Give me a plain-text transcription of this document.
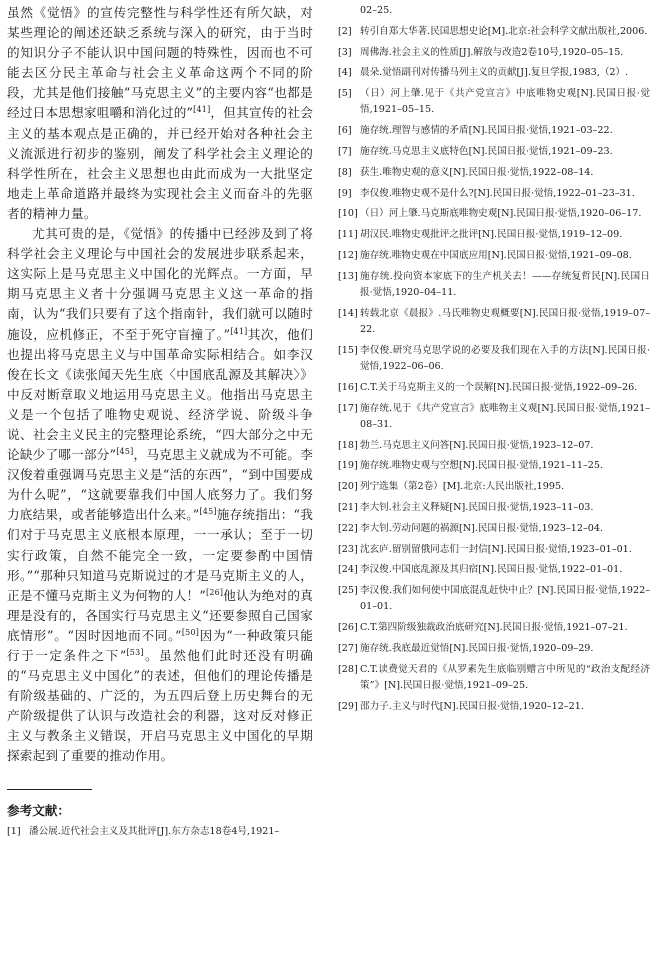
虽然《觉悟》的宣传完整性与科学性还有所欠缺，对某些理论的阐述还缺乏系统与深入的研究，由于当时的知识分子不能认识中国问题的特殊性，因而也不可能去区分民主革命与社会主义革命这两个不同的阶段，尤其是他们接触“马克思主义”的主要内容“也都是经过日本思想家咀嚼和消化过的”[41]，但其宣传的社会主义的基本观点是正确的，并已经开始对各种社会主义流派进行初步的鉴别，阐发了科学社会主义理论的科学性所在，社会主义思想也由此而成为一大批坚定地走上革命道路并最终为实现社会主义而奋斗的先驱者的精神力量。

尤其可贵的是，《觉悟》的传播中已经涉及到了将科学社会主义理论与中国社会的发展进步联系起来，这实际上是马克思主义中国化的光辉点。一方面，早期马克思主义者十分强调马克思主义这一革命的指南，认为“我们只要有了这个指南针，我们就可以随时施设，应机修正，不至于死守盲撞了。”[41]其次，他们也提出将马克思主义与中国革命实际相结合。如李汉俊在长文《读张闻天先生底〈中国底乱源及其解决〉》中反对断章取义地运用马克思主义。他指出马克思主义是一个包括了唯物史观说、经济学说、阶级斗争说、社会主义民主的完整理论系统，“四大部分之中无论缺少了哪一部分”[45]，马克思主义就成为不可能。李汉俊着重强调马克思主义是“活的东西”，“到中国要成为什么呢”，“这就要靠我们中国人底努力了。我们努力底结果，或者能够造出什么来。”[45]施存统指出：“我们对于马克思主义底根本原理，一一承认；至于一切实行政策，自然不能完全一致，一定要参酌中国情形。”“那种只知道马克斯说过的才是马克斯主义的人，正是不懂马克斯主义为何物的人！”[26]他认为绝对的真理是没有的，各国实行马克思主义“还要参照自己国家底情形”。“因时因地而不同。”[50]因为“一种政策只能行于一定条件之下”[53]。虽然他们此时还没有明确的“马克思主义中国化”的表述，但他们的理论传播是有阶级基础的、广泛的，为五四后登上历史舞台的无产阶级提供了认识与改造社会的利器，这对反对修正主义与教条主义错误，开启马克思主义中国化的早期探索起到了重要的推动作用。

参考文献：
[1] 潘公展.近代社会主义及其批评[J].东方杂志18卷4号,1921–
02–25.
[2] 转引自郑大华著.民国思想史论[M].北京:社会科学文献出版社,2006.
[3] 周佛海.社会主义的性质[J].解放与改造2卷10号,1920–05–15.
[4] 晨朵.觉悟副刊对传播马列主义的贡献[J].复旦学报,1983,（2）.
[5] （日）河上肇.见于《共产党宣言》中底唯物史观[N].民国日报·觉悟,1921–05–15.
[6] 施存统.理智与感情的矛盾[N].民国日报·觉悟,1921–03–22.
[7] 施存统.马克思主义底特色[N].民国日报·觉悟,1921–09–23.
[8] 获生.唯物史观的意义[N].民国日报·觉悟,1922–08–14.
[9] 李仅俊.唯物史观不是什么?[N].民国日报·觉悟,1922–01–23–31.
[10] （日）河上肇.马克斯底唯物史观[N].民国日报·觉悟,1920–06–17.
[11] 胡汉民.唯物史观批评之批评[N].民国日报·觉悟,1919–12–09.
[12] 施存统.唯物史观在中国底应用[N].民国日报·觉悟,1921–09–08.
[13] 施存统.投向资本家底下的生产机关去！——存统复哲民[N].民国日报·觉悟,1920–04–11.
[14] 转载北京《晨报》.马氏唯物史观概要[N].民国日报·觉悟,1919–07–22.
[15] 李仅俊.研究马克思学说的必要及我们现在入手的方法[N].民国日报·觉悟,1922–06–06.
[16] C.T.关于马克斯主义的一个误解[N].民国日报·觉悟,1922–09–26.
[17] 施存统.见于《共产党宣言》底唯物主义观[N].民国日报·觉悟,1921–08–31.
[18] 勃兰.马克思主义问答[N].民国日报·觉悟,1923–12–07.
[19] 施存统.唯物史观与空想[N].民国日报·觉悟,1921–11–25.
[20] 列宁选集（第2卷）[M].北京:人民出版社,1995.
[21] 李大钊.社会主义释疑[N].民国日报·觉悟,1923–11–03.
[22] 李大钊.劳动问题的祸源[N].民国日报·觉悟,1923–12–04.
[23] 沈玄庐.留别留俄同志们一封信[N].民国日报·觉悟,1923–01–01.
[24] 李汉俊.中国底乱源及其归宿[N].民国日报·觉悟,1922–01–01.
[25] 李汉俊.我们如何使中国底混乱赶快中止？[N].民国日报·觉悟,1922–01–01.
[26] C.T.第四阶级独裁政治底研究[N].民国日报·觉悟,1921–07–21.
[27] 施存统.我底最近觉悟[N].民国日报·觉悟,1920–09–29.
[28] C.T.读费觉天君的《从罗素先生底临别赠言中所见的“政治支配经济策”》[N].民国日报·觉悟,1921–09–25.
[29] 邵力子.主义与时代[N].民国日报·觉悟,1920–12–21.
